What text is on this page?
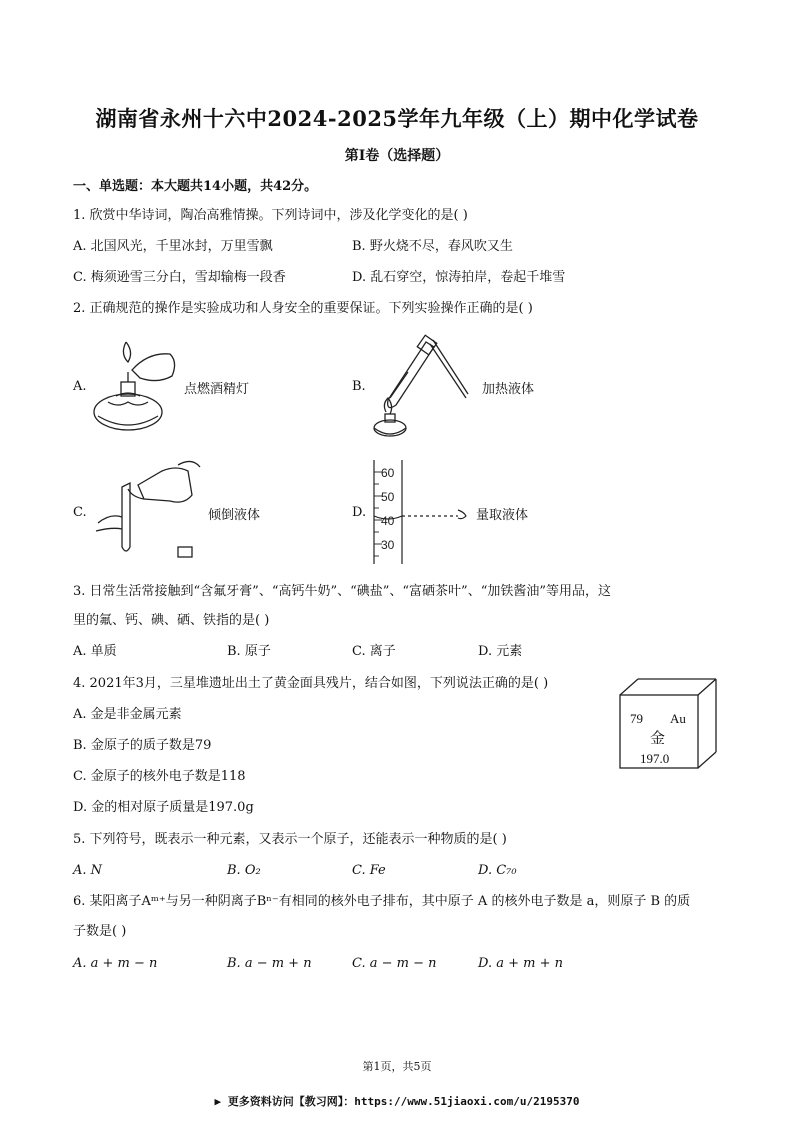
湖南省永州十六中2024-2025学年九年级（上）期中化学试卷
第I卷（选择题）
一、单选题：本大题共14小题，共42分。
1. 欣赏中华诗词，陶冶高雅情操。下列诗词中，涉及化学变化的是( )
A. 北国风光，千里冰封，万里雪飘	B. 野火烧不尽，春风吹又生
C. 梅须逊雪三分白，雪却输梅一段香	D. 乱石穿空，惊涛拍岸，卷起千堆雪
2. 正确规范的操作是实验成功和人身安全的重要保证。下列实验操作正确的是( )
A.	点燃酒精灯	B.	加热液体
C.	倾倒液体	D.
60
50
40
30
量取液体
3. 日常生活常接触到“含氟牙膏”、“高钙牛奶”、“碘盐”、“富硒茶叶”、“加铁酱油”等用品，这
里的氟、钙、碘、硒、铁指的是( )
A. 单质	B. 原子	C. 离子	D. 元素
4. 2021年3月，三星堆遗址出土了黄金面具残片，结合如图，下列说法正确的是( )
A. 金是非金属元素
B. 金原子的质子数是79
C. 金原子的核外电子数是118
D. 金的相对原子质量是197.0g
79 Au
金
197.0
5. 下列符号，既表示一种元素，又表示一个原子，还能表示一种物质的是( )
A. N	B. O₂	C. Fe	D. C₇₀
6. 某阳离子Aᵐ⁺与另一种阴离子Bⁿ⁻有相同的核外电子排布，其中原子 A 的核外电子数是 a，则原子 B 的质
子数是( )
A. a + m − n	B. a − m + n	C. a − m − n	D. a + m + n
第1页，共5页
▶ 更多资料访问【教习网】：https://www.51jiaoxi.com/u/2195370
